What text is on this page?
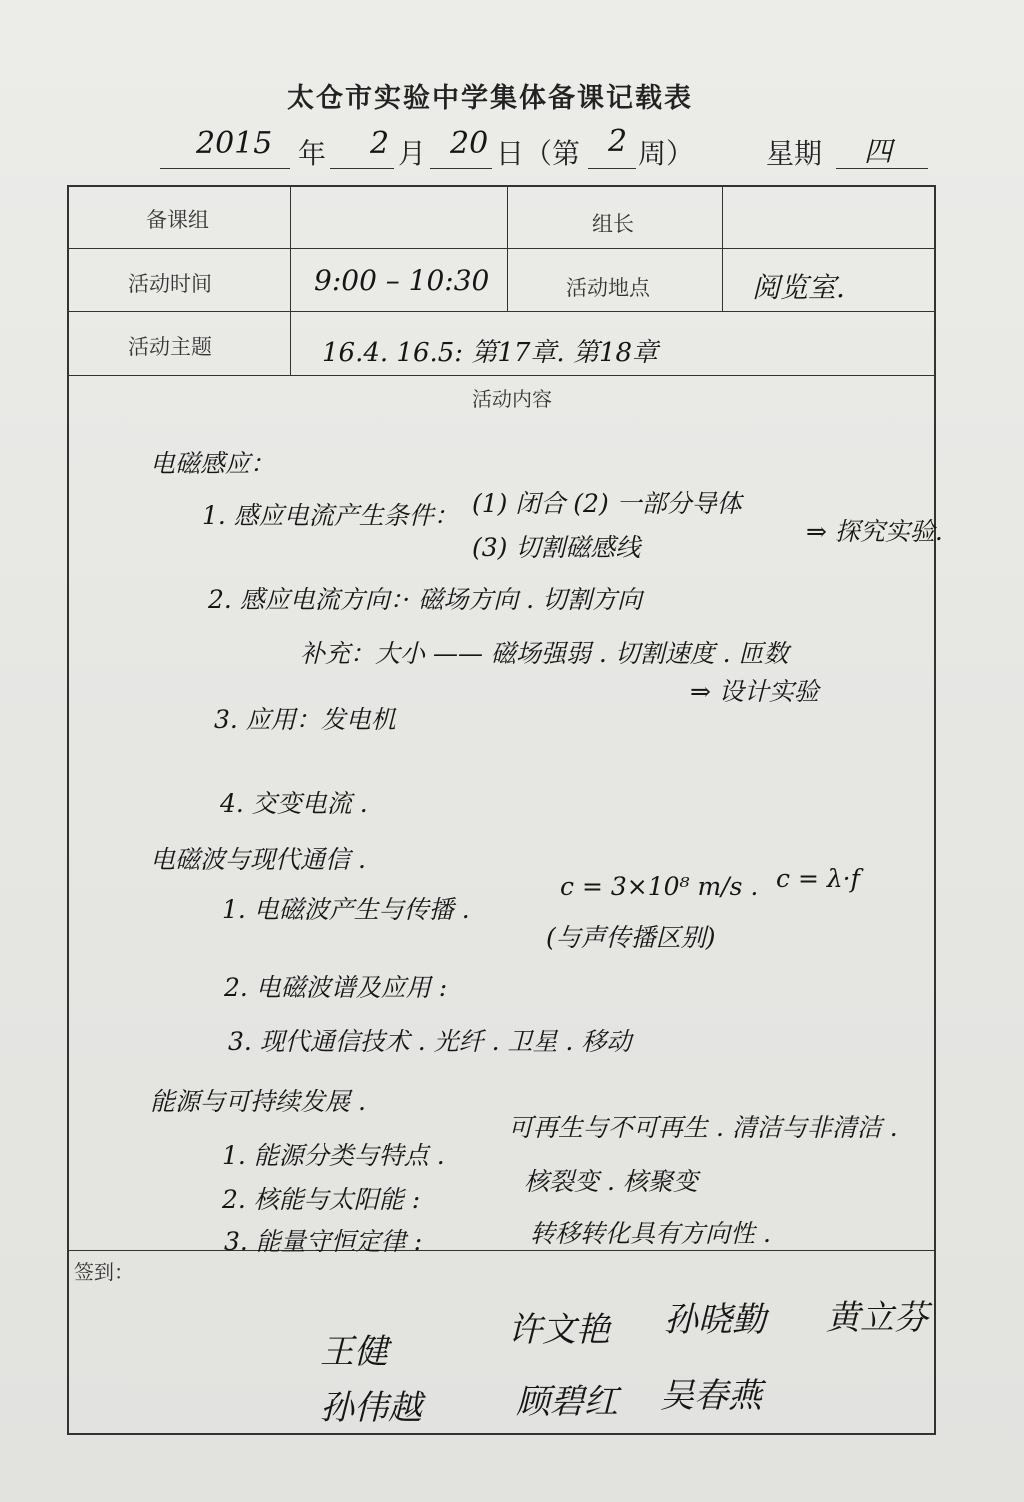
太仓市实验中学集体备课记载表
2015 年 2 月 20 日（第 2 周）	星期 四
备课组	组长
活动时间	9:00 – 10:30	活动地点	阅览室.
活动主题	16.4. 16.5: 第17章. 第18章
活动内容
电磁感应：
1. 感应电流产生条件： (1) 闭合 (2) 一部分导体
(3) 切割磁感线
⇒ 探究实验.
2. 感应电流方向：· 磁场方向 . 切割方向
补充：大小 —— 磁场强弱 . 切割速度 . 匝数
⇒ 设计实验
3. 应用：发电机
4. 交变电流 .
电磁波与现代通信 .
1. 电磁波产生与传播 .
c = 3×10⁸ m/s . c = λ·f
(与声传播区别)
2. 电磁波谱及应用 :
3. 现代通信技术 . 光纤 . 卫星 . 移动
能源与可持续发展 .
1. 能源分类与特点 .
可再生与不可再生 . 清洁与非清洁 .
2. 核能与太阳能 :
核裂变 . 核聚变
3. 能量守恒定律 :	转移转化具有方向性 .
签到：
王健
许文艳 孙晓勤 黄立芬
孙伟越	顾碧红 吴春燕
